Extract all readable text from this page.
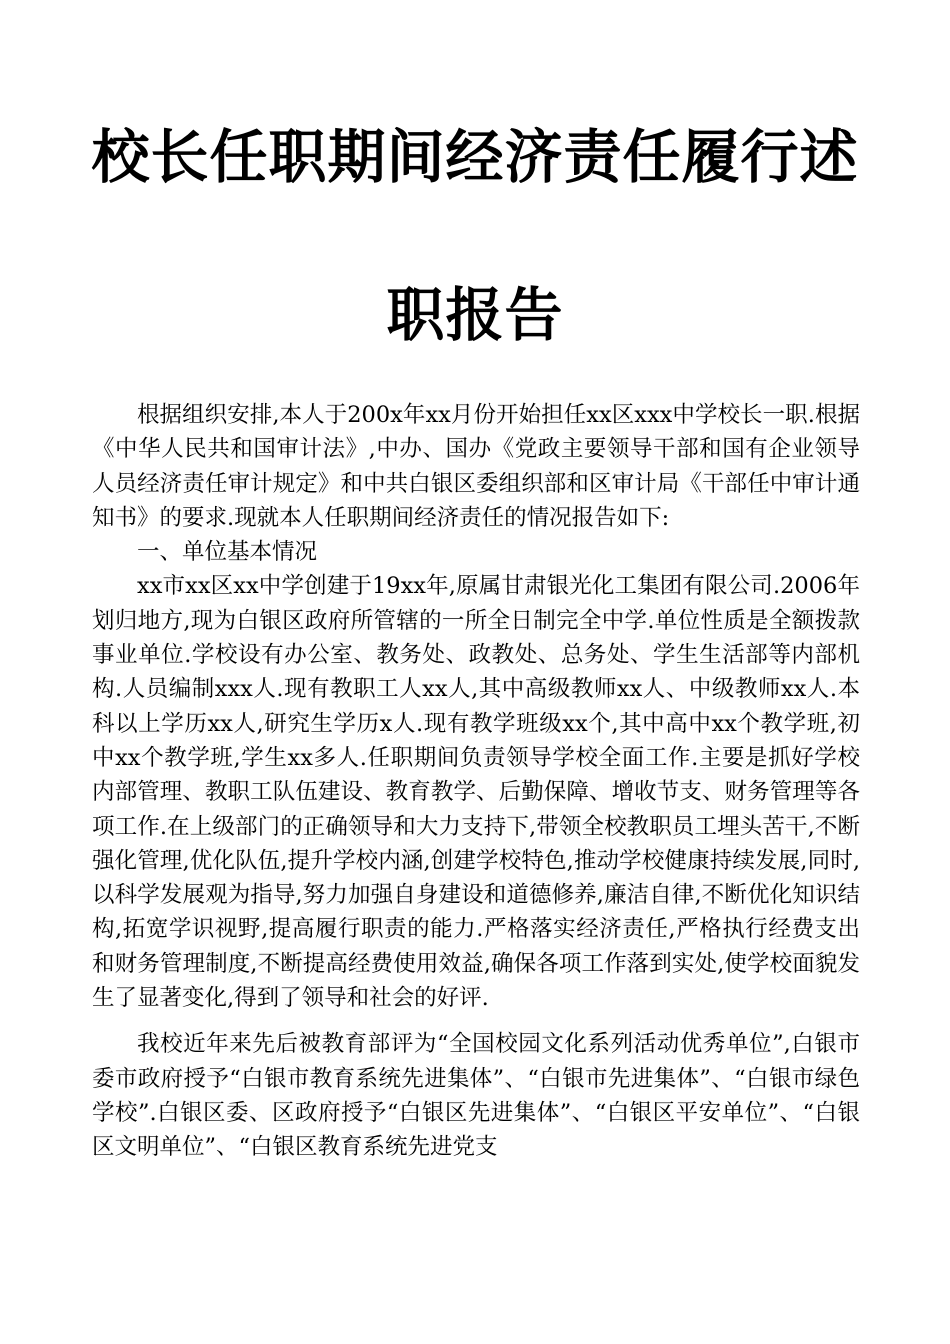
校长任职期间经济责任履行述
职报告

根据组织安排,本人于200x年xx月份开始担任xx区xxx中学校长一职.根据《中华人民共和国审计法》,中办、国办《党政主要领导干部和国有企业领导人员经济责任审计规定》和中共白银区委组织部和区审计局《干部任中审计通知书》的要求.现就本人任职期间经济责任的情况报告如下:

一、单位基本情况

xx市xx区xx中学创建于19xx年,原属甘肃银光化工集团有限公司.2006年划归地方,现为白银区政府所管辖的一所全日制完全中学.单位性质是全额拨款事业单位.学校设有办公室、教务处、政教处、总务处、学生生活部等内部机构.人员编制xxx人.现有教职工人xx人,其中高级教师xx人、中级教师xx人.本科以上学历xx人,研究生学历x人.现有教学班级xx个,其中高中xx个教学班,初中xx个教学班,学生xx多人.任职期间负责领导学校全面工作.主要是抓好学校内部管理、教职工队伍建设、教育教学、后勤保障、增收节支、财务管理等各项工作.在上级部门的正确领导和大力支持下,带领全校教职员工埋头苦干,不断强化管理,优化队伍,提升学校内涵,创建学校特色,推动学校健康持续发展,同时,以科学发展观为指导,努力加强自身建设和道德修养,廉洁自律,不断优化知识结构,拓宽学识视野,提高履行职责的能力.严格落实经济责任,严格执行经费支出和财务管理制度,不断提高经费使用效益,确保各项工作落到实处,使学校面貌发生了显著变化,得到了领导和社会的好评.

我校近年来先后被教育部评为“全国校园文化系列活动优秀单位”,白银市委市政府授予“白银市教育系统先进集体”、“白银市先进集体”、“白银市绿色学校”.白银区委、区政府授予“白银区先进集体”、“白银区平安单位”、“白银区文明单位”、“白银区教育系统先进党支
